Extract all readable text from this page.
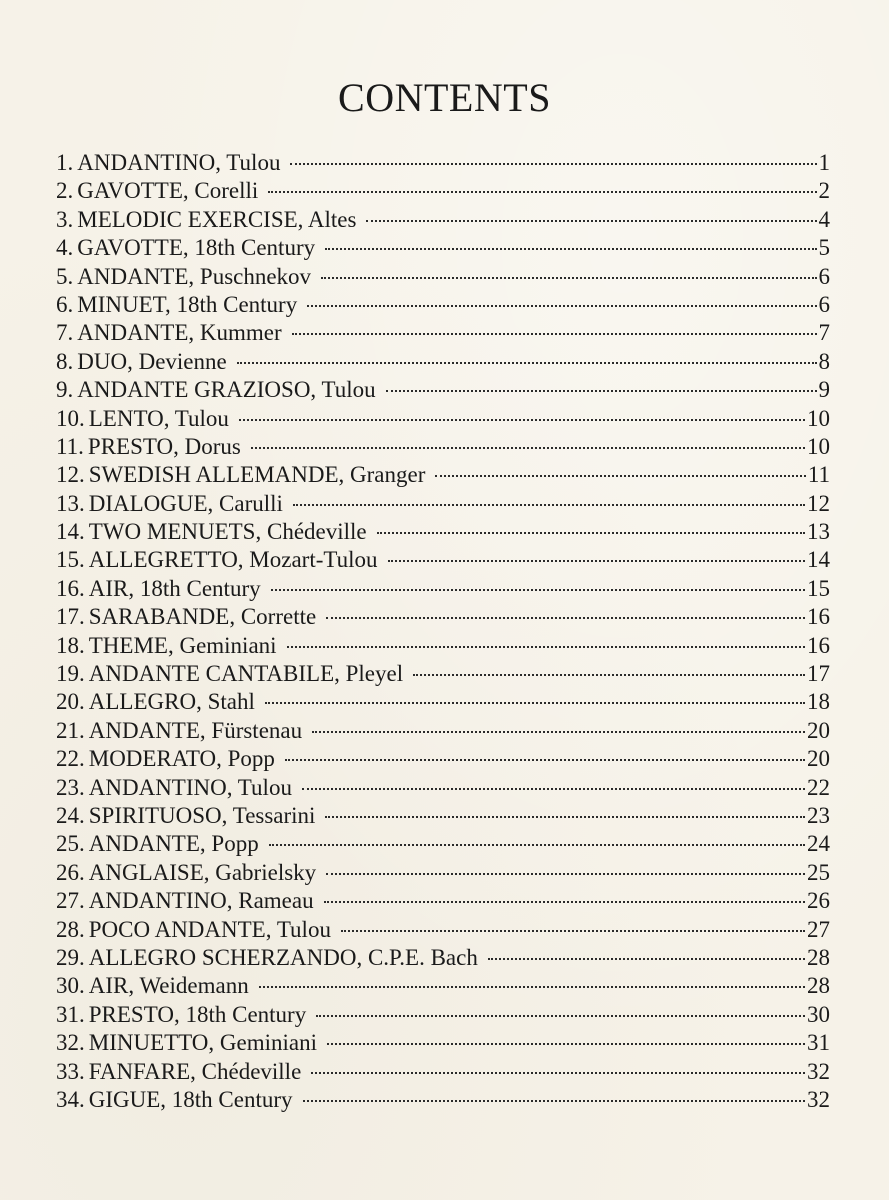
CONTENTS
1. ANDANTINO, Tulou	1
2. GAVOTTE, Corelli	2
3. MELODIC EXERCISE, Altes	4
4. GAVOTTE, 18th Century	5
5. ANDANTE, Puschnekov	6
6. MINUET, 18th Century	6
7. ANDANTE, Kummer	7
8. DUO, Devienne	8
9. ANDANTE GRAZIOSO, Tulou	9
10. LENTO, Tulou	10
11. PRESTO, Dorus	10
12. SWEDISH ALLEMANDE, Granger	11
13. DIALOGUE, Carulli	12
14. TWO MENUETS, Chédeville	13
15. ALLEGRETTO, Mozart-Tulou	14
16. AIR, 18th Century	15
17. SARABANDE, Corrette	16
18. THEME, Geminiani	16
19. ANDANTE CANTABILE, Pleyel	17
20. ALLEGRO, Stahl	18
21. ANDANTE, Fürstenau	20
22. MODERATO, Popp	20
23. ANDANTINO, Tulou	22
24. SPIRITUOSO, Tessarini	23
25. ANDANTE, Popp	24
26. ANGLAISE, Gabrielsky	25
27. ANDANTINO, Rameau	26
28. POCO ANDANTE, Tulou	27
29. ALLEGRO SCHERZANDO, C.P.E. Bach	28
30. AIR, Weidemann	28
31. PRESTO, 18th Century	30
32. MINUETTO, Geminiani	31
33. FANFARE, Chédeville	32
34. GIGUE, 18th Century	32
